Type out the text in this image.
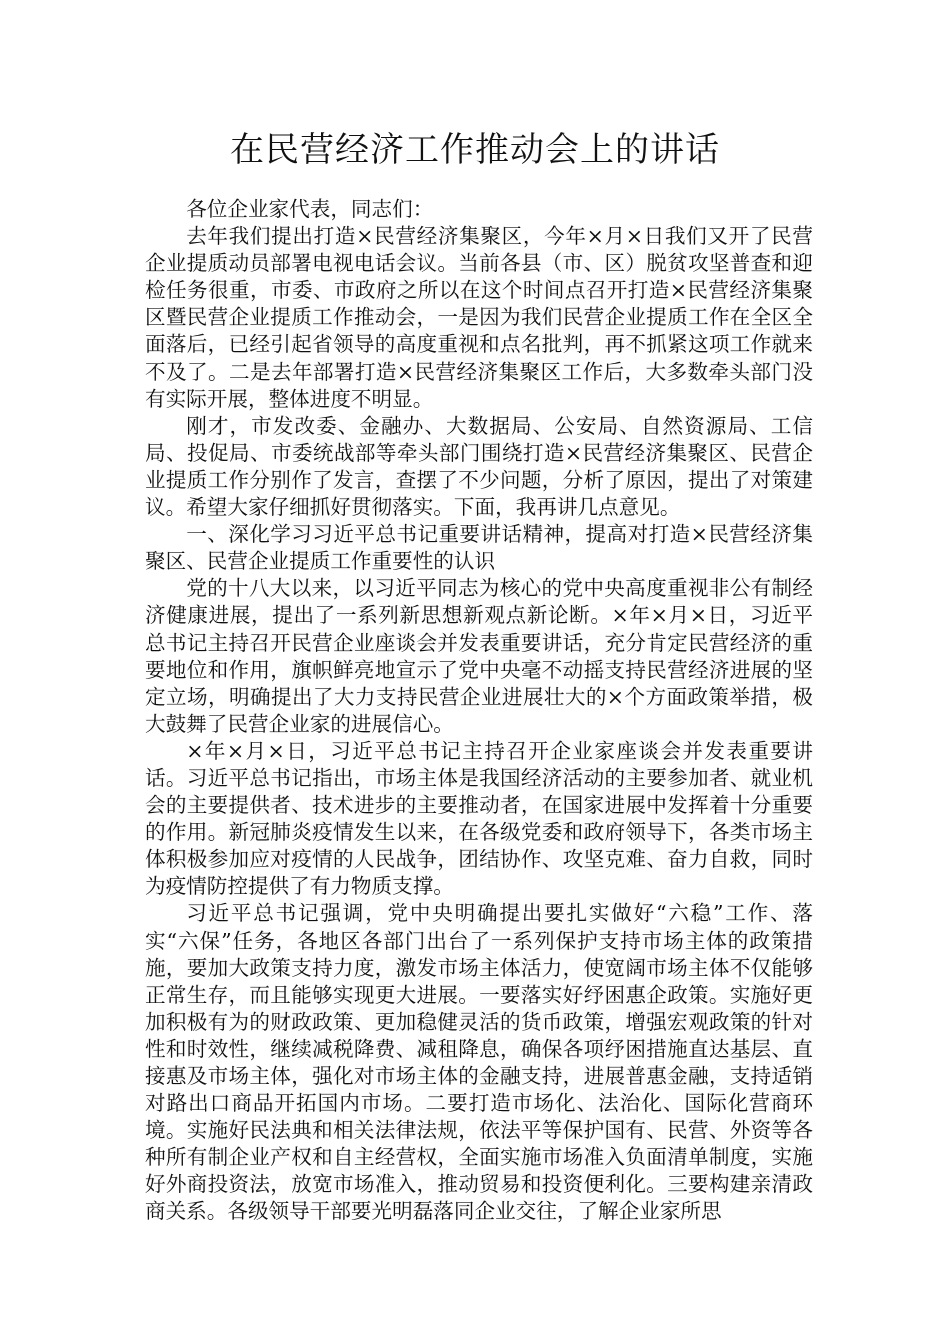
在民营经济工作推动会上的讲话

各位企业家代表，同志们：

去年我们提出打造×民营经济集聚区，今年×月×日我们又开了民营企业提质动员部署电视电话会议。当前各县（市、区）脱贫攻坚普查和迎检任务很重，市委、市政府之所以在这个时间点召开打造×民营经济集聚区暨民营企业提质工作推动会，一是因为我们民营企业提质工作在全区全面落后，已经引起省领导的高度重视和点名批判，再不抓紧这项工作就来不及了。二是去年部署打造×民营经济集聚区工作后，大多数牵头部门没有实际开展，整体进度不明显。

刚才，市发改委、金融办、大数据局、公安局、自然资源局、工信局、投促局、市委统战部等牵头部门围绕打造×民营经济集聚区、民营企业提质工作分别作了发言，查摆了不少问题，分析了原因，提出了对策建议。希望大家仔细抓好贯彻落实。下面，我再讲几点意见。

一、深化学习习近平总书记重要讲话精神，提高对打造×民营经济集聚区、民营企业提质工作重要性的认识

党的十八大以来，以习近平同志为核心的党中央高度重视非公有制经济健康进展，提出了一系列新思想新观点新论断。×年×月×日，习近平总书记主持召开民营企业座谈会并发表重要讲话，充分肯定民营经济的重要地位和作用，旗帜鲜亮地宣示了党中央毫不动摇支持民营经济进展的坚定立场，明确提出了大力支持民营企业进展壮大的×个方面政策举措，极大鼓舞了民营企业家的进展信心。

×年×月×日，习近平总书记主持召开企业家座谈会并发表重要讲话。习近平总书记指出，市场主体是我国经济活动的主要参加者、就业机会的主要提供者、技术进步的主要推动者，在国家进展中发挥着十分重要的作用。新冠肺炎疫情发生以来，在各级党委和政府领导下，各类市场主体积极参加应对疫情的人民战争，团结协作、攻坚克难、奋力自救，同时为疫情防控提供了有力物质支撑。

习近平总书记强调，党中央明确提出要扎实做好“六稳”工作、落实“六保”任务，各地区各部门出台了一系列保护支持市场主体的政策措施，要加大政策支持力度，激发市场主体活力，使宽阔市场主体不仅能够正常生存，而且能够实现更大进展。一要落实好纾困惠企政策。实施好更加积极有为的财政政策、更加稳健灵活的货币政策，增强宏观政策的针对性和时效性，继续减税降费、减租降息，确保各项纾困措施直达基层、直接惠及市场主体，强化对市场主体的金融支持，进展普惠金融，支持适销对路出口商品开拓国内市场。二要打造市场化、法治化、国际化营商环境。实施好民法典和相关法律法规，依法平等保护国有、民营、外资等各种所有制企业产权和自主经营权，全面实施市场准入负面清单制度，实施好外商投资法，放宽市场准入，推动贸易和投资便利化。三要构建亲清政商关系。各级领导干部要光明磊落同企业交往，了解企业家所思
